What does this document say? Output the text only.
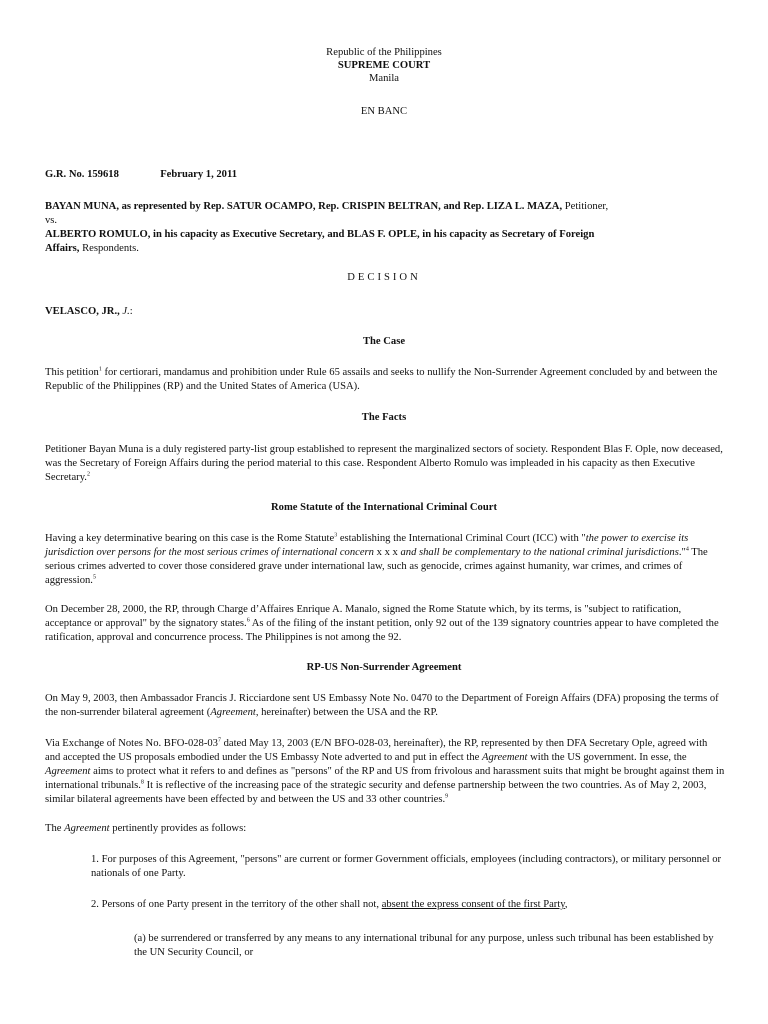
Republic of the Philippines
SUPREME COURT
Manila
EN BANC
G.R. No. 159618	February 1, 2011
BAYAN MUNA, as represented by Rep. SATUR OCAMPO, Rep. CRISPIN BELTRAN, and Rep. LIZA L. MAZA, Petitioner,
vs.
ALBERTO ROMULO, in his capacity as Executive Secretary, and BLAS F. OPLE, in his capacity as Secretary of Foreign
Affairs, Respondents.
DECISION
VELASCO, JR., J.:
The Case
This petition$^1$ for certiorari, mandamus and prohibition under Rule 65 assails and seeks to nullify the Non-Surrender Agreement concluded by and between the Republic of the Philippines (RP) and the United States of America (USA).
The Facts
Petitioner Bayan Muna is a duly registered party-list group established to represent the marginalized sectors of society. Respondent Blas F. Ople, now deceased, was the Secretary of Foreign Affairs during the period material to this case. Respondent Alberto Romulo was impleaded in his capacity as then Executive Secretary.$^2$
Rome Statute of the International Criminal Court
Having a key determinative bearing on this case is the Rome Statute$^3$ establishing the International Criminal Court (ICC) with "the power to exercise its jurisdiction over persons for the most serious crimes of international concern x x x and shall be complementary to the national criminal jurisdictions."$^4$ The serious crimes adverted to cover those considered grave under international law, such as genocide, crimes against humanity, war crimes, and crimes of aggression.$^5$
On December 28, 2000, the RP, through Charge d’Affaires Enrique A. Manalo, signed the Rome Statute which, by its terms, is "subject to ratification, acceptance or approval" by the signatory states.$^6$ As of the filing of the instant petition, only 92 out of the 139 signatory countries appear to have completed the ratification, approval and concurrence process. The Philippines is not among the 92.
RP-US Non-Surrender Agreement
On May 9, 2003, then Ambassador Francis J. Ricciardone sent US Embassy Note No. 0470 to the Department of Foreign Affairs (DFA) proposing the terms of the non-surrender bilateral agreement (Agreement, hereinafter) between the USA and the RP.
Via Exchange of Notes No. BFO-$028-03^7$ dated May 13, 2003 (E/N BFO-028-03, hereinafter), the RP, represented by then DFA Secretary Ople, agreed with and accepted the US proposals embodied under the US Embassy Note adverted to and put in effect the Agreement with the US government. In esse, the Agreement aims to protect what it refers to and defines as "persons" of the RP and US from frivolous and harassment suits that might be brought against them in international tribunals.$^8$ It is reflective of the increasing pace of the strategic security and defense partnership between the two countries. As of May 2, 2003, similar bilateral agreements have been effected by and between the US and 33 other countries.$^9$
The Agreement pertinently provides as follows:
1. For purposes of this Agreement, "persons" are current or former Government officials, employees (including contractors), or military personnel or nationals of one Party.
2. Persons of one Party present in the territory of the other shall not, absent the express consent of the first Party,
(a) be surrendered or transferred by any means to any international tribunal for any purpose, unless such tribunal has been established by the UN Security Council, or
